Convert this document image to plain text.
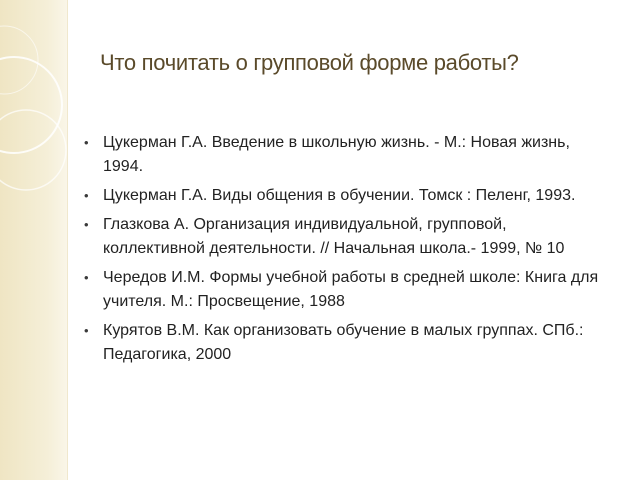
Что почитать о групповой форме работы?
• Цукерман Г.А. Введение в школьную жизнь. - М.: Новая жизнь, 1994.
• Цукерман Г.А. Виды общения в обучении. Томск : Пеленг, 1993.
• Глазкова А. Организация индивидуальной, групповой, коллективной деятельности. // Начальная школа.- 1999, № 10
• Чередов И.М. Формы учебной работы в средней школе: Книга для учителя. М.: Просвещение, 1988
• Курятов В.М. Как организовать обучение в малых группах. СПб.: Педагогика, 2000
